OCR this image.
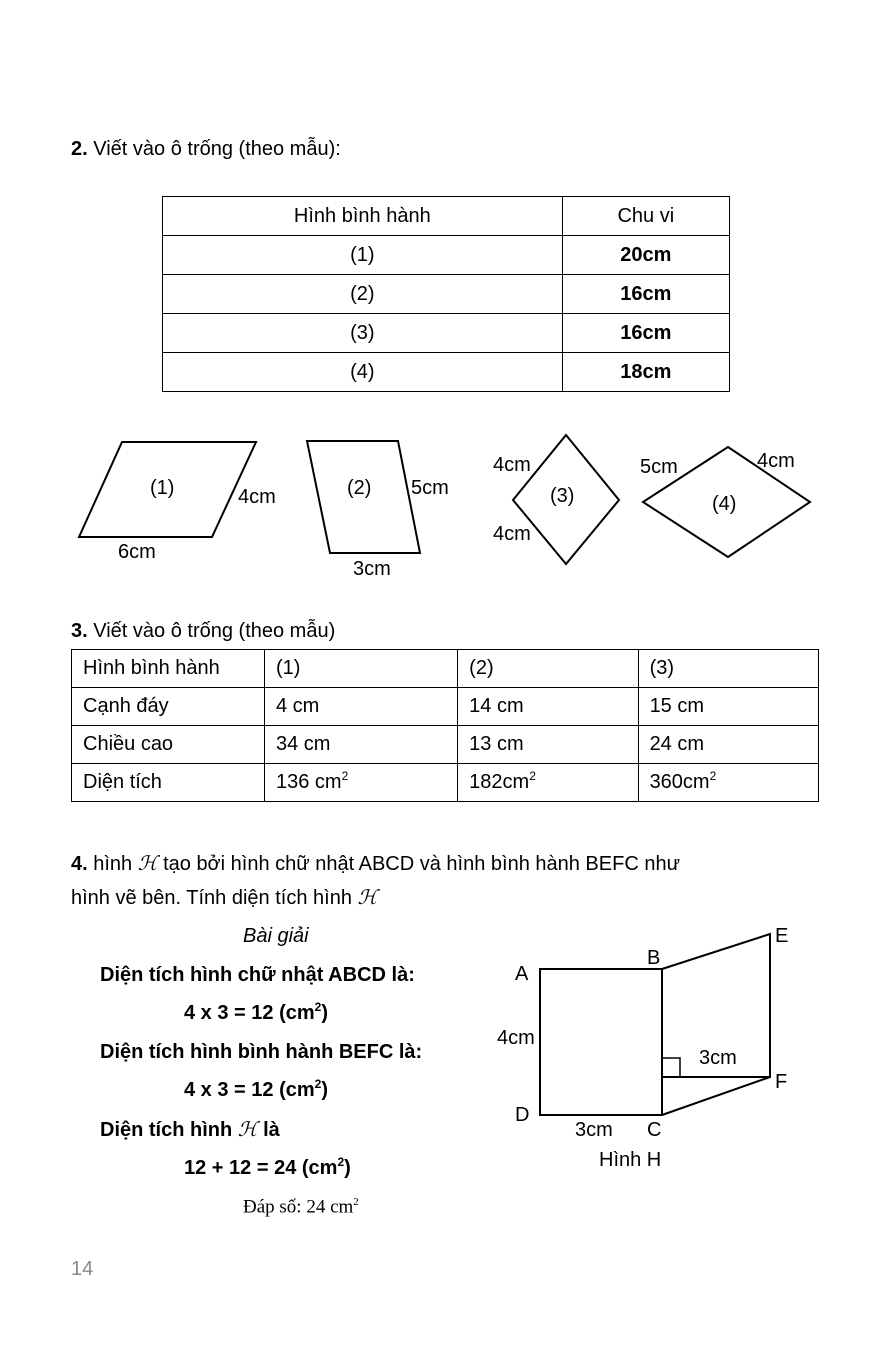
2. Viết vào ô trống (theo mẫu):
Hình bình hành	Chu vi
(1)	20cm
(2)	16cm
(3)	16cm
(4)	18cm
(1)	4cm
6cm
(2) 5cm
3cm
(3)
4cm
4cm
(4)
5cm	4cm
3. Viết vào ô trống (theo mẫu)
Hình bình hành	(1)	(2)	(3)
Cạnh đáy	4 cm	14 cm	15 cm
Chiều cao	34 cm	13 cm	24 cm
Diện tích	136 $cm^2$	$182cm^2$	$360cm^2$
4. hình ℋ tạo bởi hình chữ nhật ABCD và hình bình hành BEFC như
hình vẽ bên. Tính diện tích hình ℋ
Bài giải
Diện tích hình chữ nhật ABCD là:
4 x 3 = 12 $(cm^2)$
Diện tích hình bình hành BEFC là:
4 x 3 = 12 $(cm^2)$
Diện tích hình ℋ là
12 + 12 = 24 $(cm^2)$
Đáp số: 24 $cm^2$
A
B
C
D
E
F
4cm
3cm
3cm
Hình H
14
